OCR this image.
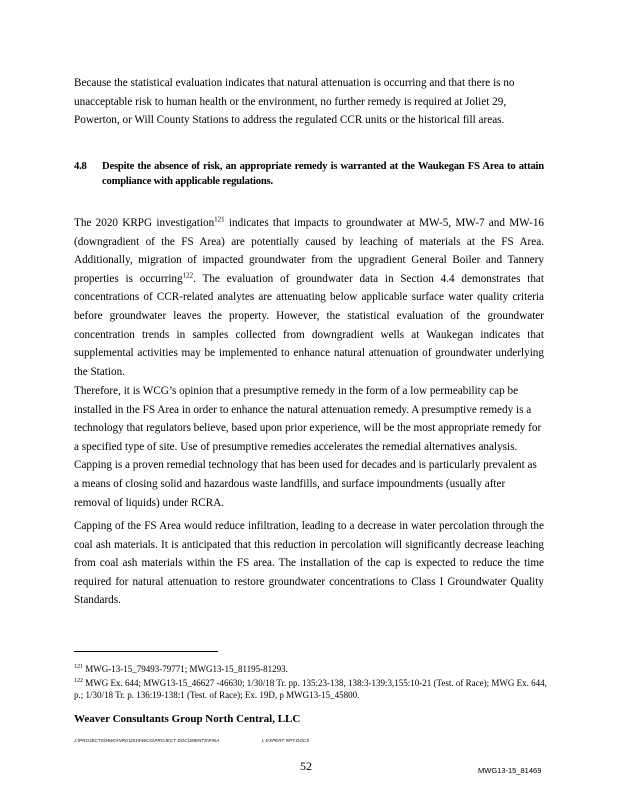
Because the statistical evaluation indicates that natural attenuation is occurring and that there is no unacceptable risk to human health or the environment, no further remedy is required at Joliet 29, Powerton, or Will County Stations to address the regulated CCR units or the historical fill areas.

4.8 Despite the absence of risk, an appropriate remedy is warranted at the Waukegan FS Area to attain compliance with applicable regulations.

The 2020 KRPG investigation$^{121}$ indicates that impacts to groundwater at MW-5, MW-7 and MW-16 (downgradient of the FS Area) are potentially caused by leaching of materials at the FS Area. Additionally, migration of impacted groundwater from the upgradient General Boiler and Tannery properties is occurring$^{122}$. The evaluation of groundwater data in Section 4.4 demonstrates that concentrations of CCR-related analytes are attenuating below applicable surface water quality criteria before groundwater leaves the property. However, the statistical evaluation of the groundwater concentration trends in samples collected from downgradient wells at Waukegan indicates that supplemental activities may be implemented to enhance natural attenuation of groundwater underlying the Station.

Therefore, it is WCG’s opinion that a presumptive remedy in the form of a low permeability cap be installed in the FS Area in order to enhance the natural attenuation remedy. A presumptive remedy is a technology that regulators believe, based upon prior experience, will be the most appropriate remedy for a specified type of site. Use of presumptive remedies accelerates the remedial alternatives analysis. Capping is a proven remedial technology that has been used for decades and is particularly prevalent as a means of closing solid and hazardous waste landfills, and surface impoundments (usually after removal of liquids) under RCRA.

Capping of the FS Area would reduce infiltration, leading to a decrease in water percolation through the coal ash materials. It is anticipated that this reduction in percolation will significantly decrease leaching from coal ash materials within the FS area. The installation of the cap is expected to reduce the time required for natural attenuation to restore groundwater concentrations to Class I Groundwater Quality Standards.

$^{121}$ MWG-13-15_79493-79771; MWG13-15_81195-81293.
$^{122}$ MWG Ex. 644; MWG13-15_46627 -46630; 1/30/18 Tr. pp. 135:23-138, 138:3-139:3,155:10-21 (Test. of Race); MWG Ex. 644, p.; 1/30/18 Tr. p. 136:19-138:1 (Test. of Race); Ex. 19D, p MWG13-15_45800.
Weaver Consultants Group North Central, LLC
J:\PROJECTS\MWG\NRG\2019\WCG\PROJECT DOCUMENTS\FINA	L EXPERT RPT.DOCX
52	MWG13-15_81469
